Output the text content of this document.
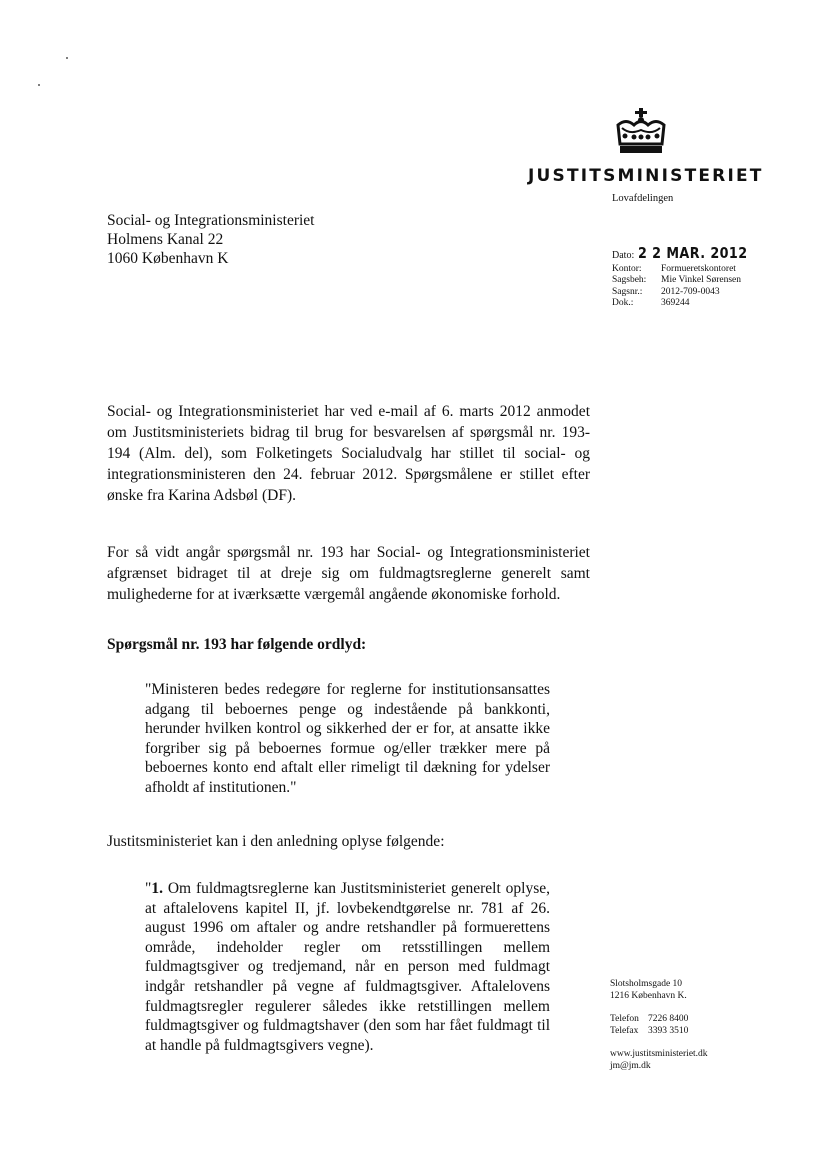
JUSTITSMINISTERIET
Lovafdelingen
Social- og Integrationsministeriet
Holmens Kanal 22
1060 København K	Dato: 2 2 MAR. 2012
Kontor:	Formueretskontoret
Sagsbeh:	Mie Vinkel Sørensen
Sagsnr.:	2012-709-0043
Dok.:	369244
Social- og Integrationsministeriet har ved e-mail af 6. marts 2012 anmodet om Justitsministeriets bidrag til brug for besvarelsen af spørgsmål nr. 193-194 (Alm. del), som Folketingets Socialudvalg har stillet til social- og integrationsministeren den 24. februar 2012. Spørgsmålene er stillet efter ønske fra Karina Adsbøl (DF).
For så vidt angår spørgsmål nr. 193 har Social- og Integrationsministeriet afgrænset bidraget til at dreje sig om fuldmagtsreglerne generelt samt mulighederne for at iværksætte værgemål angående økonomiske forhold.
Spørgsmål nr. 193 har følgende ordlyd:
"Ministeren bedes redegøre for reglerne for institutionsansattes adgang til beboernes penge og indestående på bankkonti, herunder hvilken kontrol og sikkerhed der er for, at ansatte ikke forgriber sig på beboernes formue og/eller trækker mere på beboernes konto end aftalt eller rimeligt til dækning for ydelser afholdt af institutionen."
Justitsministeriet kan i den anledning oplyse følgende:
"1. Om fuldmagtsreglerne kan Justitsministeriet generelt oplyse, at aftalelovens kapitel II, jf. lovbekendtgørelse nr. 781 af 26. august 1996 om aftaler og andre retshandler på formuerettens område, indeholder regler om retsstillingen mellem fuldmagtsgiver og tredjemand, når en person med fuldmagt indgår retshandler på vegne af fuldmagtsgiver. Aftalelovens fuldmagtsregler regulerer således ikke retstillingen mellem fuldmagtsgiver og fuldmagtshaver (den som har fået fuldmagt til at handle på fuldmagtsgivers vegne).
Slotsholmsgade 10
1216 København K.
Telefon 7226 8400
Telefax	3393 3510
www.justitsministeriet.dk
jm@jm.dk
